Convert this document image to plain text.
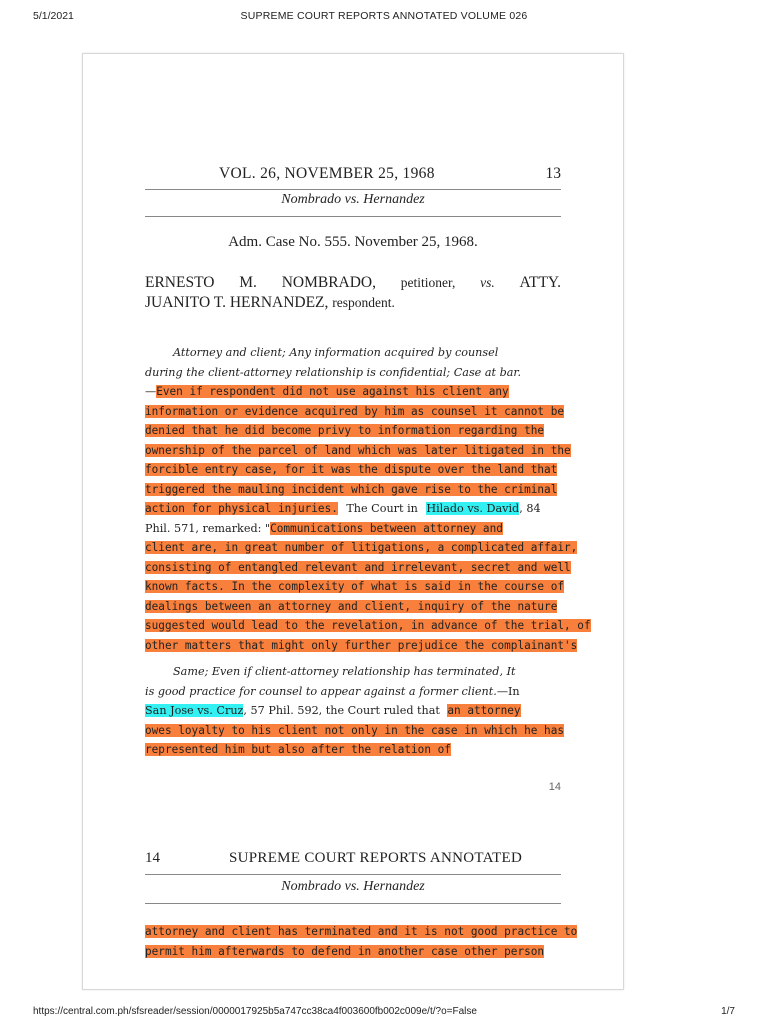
5/1/2021	SUPREME COURT REPORTS ANNOTATED VOLUME 026
VOL. 26, NOVEMBER 25, 1968	13
Nombrado vs. Hernandez
Adm. Case No. 555. November 25, 1968.
ERNESTO M. NOMBRADO, petitioner, vs. ATTY.
JUANITO T. HERNANDEZ, respondent.
Attorney and client; Any information acquired by counsel
during the client-attorney relationship is confidential; Case at bar.
—Even if respondent did not use against his client any
information or evidence acquired by him as counsel it cannot be
denied that he did become privy to information regarding the
ownership of the parcel of land which was later litigated in the
forcible entry case, for it was the dispute over the land that
triggered the mauling incident which gave rise to the criminal
action for physical injuries. The Court in Hilado vs. David, 84
Phil. 571, remarked: "Communications between attorney and
client are, in great number of litigations, a complicated affair,
consisting of entangled relevant and irrelevant, secret and well
known facts. In the complexity of what is said in the course of
dealings between an attorney and client, inquiry of the nature
suggested would lead to the revelation, in advance of the trial, of
other matters that might only further prejudice the complainant's
Same; Even if client-attorney relationship has terminated, It
is good practice for counsel to appear against a former client.—In
San Jose vs. Cruz, 57 Phil. 592, the Court ruled that an attorney
owes loyalty to his client not only in the case in which he has
represented him but also after the relation of
14
14	SUPREME COURT REPORTS ANNOTATED
Nombrado vs. Hernandez
attorney and client has terminated and it is not good practice to
permit him afterwards to defend in another case other person
https://central.com.ph/sfsreader/session/0000017925b5a747cc38ca4f003600fb002c009e/t/?o=False	1/7
